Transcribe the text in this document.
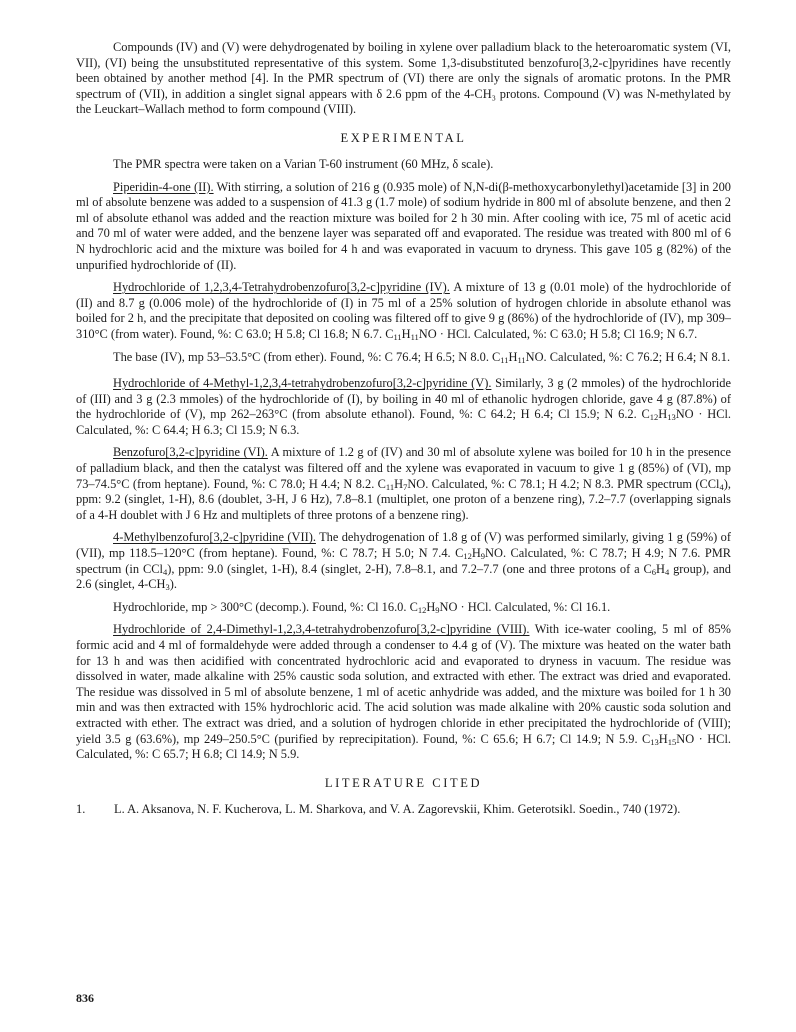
Compounds (IV) and (V) were dehydrogenated by boiling in xylene over palladium black to the heteroaromatic system (VI, VII), (VI) being the unsubstituted representative of this system. Some 1,3-disubstituted benzofuro[3,2-c]pyridines have recently been obtained by another method [4]. In the PMR spectrum of (VI) there are only the signals of aromatic protons. In the PMR spectrum of (VII), in addition a singlet signal appears with δ 2.6 ppm of the 4-CH₃ protons. Compound (V) was N-methylated by the Leuckart–Wallach method to form compound (VIII).

EXPERIMENTAL

The PMR spectra were taken on a Varian T-60 instrument (60 MHz, δ scale).

Piperidin-4-one (II). With stirring, a solution of 216 g (0.935 mole) of N,N-di(β-methoxycarbonylethyl)acetamide [3] in 200 ml of absolute benzene was added to a suspension of 41.3 g (1.7 mole) of sodium hydride in 800 ml of absolute benzene, and then 2 ml of absolute ethanol was added and the reaction mixture was boiled for 2 h 30 min. After cooling with ice, 75 ml of acetic acid and 70 ml of water were added, and the benzene layer was separated off and evaporated. The residue was treated with 800 ml of 6 N hydrochloric acid and the mixture was boiled for 4 h and was evaporated in vacuum to dryness. This gave 105 g (82%) of the unpurified hydrochloride of (II).

Hydrochloride of 1,2,3,4-Tetrahydrobenzofuro[3,2-c]pyridine (IV). A mixture of 13 g (0.01 mole) of the hydrochloride of (II) and 8.7 g (0.006 mole) of the hydrochloride of (I) in 75 ml of a 25% solution of hydrogen chloride in absolute ethanol was boiled for 2 h, and the precipitate that deposited on cooling was filtered off to give 9 g (86%) of the hydrochloride of (IV), mp 309–310°C (from water). Found, %: C 63.0; H 5.8; Cl 16.8; N 6.7. $C_{11}H_{11}NO$ · HCl. Calculated, %: C 63.0; H 5.8; Cl 16.9; N 6.7.

The base (IV), mp 53–53.5°C (from ether). Found, %: C 76.4; H 6.5; N 8.0. $C_{11}H_{11}NO$. Calculated, %: C 76.2; H 6.4; N 8.1.

Hydrochloride of 4-Methyl-1,2,3,4-tetrahydrobenzofuro[3,2-c]pyridine (V). Similarly, 3 g (2 mmoles) of the hydrochloride of (III) and 3 g (2.3 mmoles) of the hydrochloride of (I), by boiling in 40 ml of ethanolic hydrogen chloride, gave 4 g (87.8%) of the hydrochloride of (V), mp 262–263°C (from absolute ethanol). Found, %: C 64.2; H 6.4; Cl 15.9; N 6.2. $C_{12}H_{13}NO$ · HCl. Calculated, %: C 64.4; H 6.3; Cl 15.9; N 6.3.

Benzofuro[3,2-c]pyridine (VI). A mixture of 1.2 g of (IV) and 30 ml of absolute xylene was boiled for 10 h in the presence of palladium black, and then the catalyst was filtered off and the xylene was evaporated in vacuum to give 1 g (85%) of (VI), mp 73–74.5°C (from heptane). Found, %: C 78.0; H 4.4; N 8.2. $C_{11}H_7NO$. Calculated, %: C 78.1; H 4.2; N 8.3. PMR spectrum (CCl$_4$), ppm: 9.2 (singlet, 1-H), 8.6 (doublet, 3-H, J 6 Hz), 7.8–8.1 (multiplet, one proton of a benzene ring), 7.2–7.7 (overlapping signals of a 4-H doublet with J 6 Hz and multiplets of three protons of a benzene ring).

4-Methylbenzofuro[3,2-c]pyridine (VII). The dehydrogenation of 1.8 g of (V) was performed similarly, giving 1 g (59%) of (VII), mp 118.5–120°C (from heptane). Found, %: C 78.7; H 5.0; N 7.4. $C_{12}H_9NO$. Calculated, %: C 78.7; H 4.9; N 7.6. PMR spectrum (in CCl$_4$), ppm: 9.0 (singlet, 1-H), 8.4 (singlet, 2-H), 7.8–8.1, and 7.2–7.7 (one and three protons of a $C_6H_4$ group), and 2.6 (singlet, $4-CH_3$).

Hydrochloride, mp > 300°C (decomp.). Found, %: Cl 16.0. $C_{12}H_9NO$ · HCl. Calculated, %: Cl 16.1.

Hydrochloride of 2,4-Dimethyl-1,2,3,4-tetrahydrobenzofuro[3,2-c]pyridine (VIII). With ice-water cooling, 5 ml of 85% formic acid and 4 ml of formaldehyde were added through a condenser to 4.4 g of (V). The mixture was heated on the water bath for 13 h and was then acidified with concentrated hydrochloric acid and evaporated to dryness in vacuum. The residue was dissolved in water, made alkaline with 25% caustic soda solution, and extracted with ether. The extract was dried and evaporated. The residue was dissolved in 5 ml of absolute benzene, 1 ml of acetic anhydride was added, and the mixture was boiled for 1 h 30 min and was then extracted with 15% hydrochloric acid. The acid solution was made alkaline with 20% caustic soda solution and extracted with ether. The extract was dried, and a solution of hydrogen chloride in ether precipitated the hydrochloride of (VIII); yield 3.5 g (63.6%), mp 249–250.5°C (purified by reprecipitation). Found, %: C 65.6; H 6.7; Cl 14.9; N 5.9. $C_{13}H_{15}NO$ · HCl. Calculated, %: C 65.7; H 6.8; Cl 14.9; N 5.9.

LITERATURE CITED
1.	L. A. Aksanova, N. F. Kucherova, L. M. Sharkova, and V. A. Zagorevskii, Khim. Geterotsikl. Soedin., 740 (1972).
836
